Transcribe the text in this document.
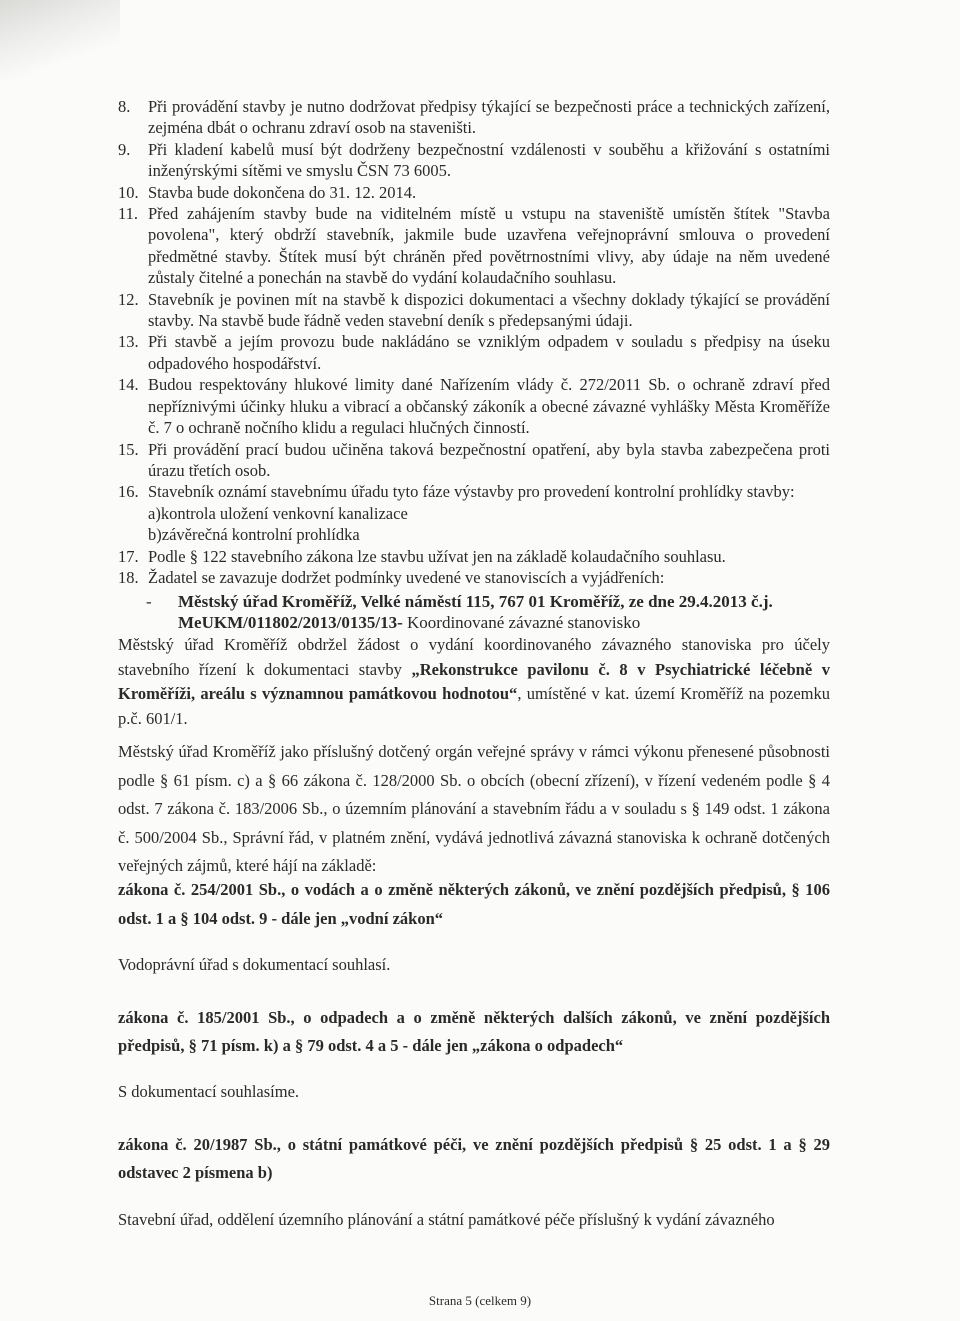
8.	Při provádění stavby je nutno dodržovat předpisy týkající se bezpečnosti práce a technických zařízení, zejména dbát o ochranu zdraví osob na staveništi.
9.	Při kladení kabelů musí být dodrženy bezpečnostní vzdálenosti v souběhu a křižování s ostatními inženýrskými sítěmi ve smyslu ČSN 73 6005.
10. Stavba bude dokončena do 31. 12. 2014.
11. Před zahájením stavby bude na viditelném místě u vstupu na staveniště umístěn štítek "Stavba povolena", který obdrží stavebník, jakmile bude uzavřena veřejnoprávní smlouva o provedení předmětné stavby. Štítek musí být chráněn před povětrnostními vlivy, aby údaje na něm uvedené zůstaly čitelné a ponechán na stavbě do vydání kolaudačního souhlasu.
12. Stavebník je povinen mít na stavbě k dispozici dokumentaci a všechny doklady týkající se provádění stavby. Na stavbě bude řádně veden stavební deník s předepsanými údaji.
13. Při stavbě a jejím provozu bude nakládáno se vzniklým odpadem v souladu s předpisy na úseku odpadového hospodářství.
14. Budou respektovány hlukové limity dané Nařízením vlády č. 272/2011 Sb. o ochraně zdraví před nepříznivými účinky hluku a vibrací a občanský zákoník a obecné závazné vyhlášky Města Kroměříže č. 7 o ochraně nočního klidu a regulaci hlučných činností.
15. Při provádění prací budou učiněna taková bezpečnostní opatření, aby byla stavba zabezpečena proti úrazu třetích osob.
16. Stavebník oznámí stavebnímu úřadu tyto fáze výstavby pro provedení kontrolní prohlídky stavby:
a)kontrola uložení venkovní kanalizace
b)závěrečná kontrolní prohlídka
17. Podle § 122 stavebního zákona lze stavbu užívat jen na základě kolaudačního souhlasu.
18. Žadatel se zavazuje dodržet podmínky uvedené ve stanoviscích a vyjádřeních:
-	Městský úřad Kroměříž, Velké náměstí 115, 767 01 Kroměříž, ze dne 29.4.2013 č.j.
MeUKM/011802/2013/0135/13- Koordinované závazné stanovisko
Městský úřad Kroměříž obdržel žádost o vydání koordinovaného závazného stanoviska pro účely stavebního řízení k dokumentaci stavby „Rekonstrukce pavilonu č. 8 v Psychiatrické léčebně v Kroměříži, areálu s významnou památkovou hodnotou“, umístěné v kat. území Kroměříž na pozemku p.č. 601/1.
Městský úřad Kroměříž jako příslušný dotčený orgán veřejné správy v rámci výkonu přenesené působnosti podle § 61 písm. c) a § 66 zákona č. 128/2000 Sb. o obcích (obecní zřízení), v řízení vedeném podle § 4 odst. 7 zákona č. 183/2006 Sb., o územním plánování a stavebním řádu a v souladu s § 149 odst. 1 zákona č. 500/2004 Sb., Správní řád, v platném znění, vydává jednotlivá závazná stanoviska k ochraně dotčených veřejných zájmů, které hájí na základě:
zákona č. 254/2001 Sb., o vodách a o změně některých zákonů, ve znění pozdějších předpisů, § 106 odst. 1 a § 104 odst. 9 - dále jen „vodní zákon“
Vodoprávní úřad s dokumentací souhlasí.
zákona č. 185/2001 Sb., o odpadech a o změně některých dalších zákonů, ve znění pozdějších předpisů, § 71 písm. k) a § 79 odst. 4 a 5 - dále jen „zákona o odpadech“
S dokumentací souhlasíme.
zákona č. 20/1987 Sb., o státní památkové péči, ve znění pozdějších předpisů § 25 odst. 1 a § 29 odstavec 2 písmena b)
Stavební úřad, oddělení územního plánování a státní památkové péče příslušný k vydání závazného
Strana 5 (celkem 9)
